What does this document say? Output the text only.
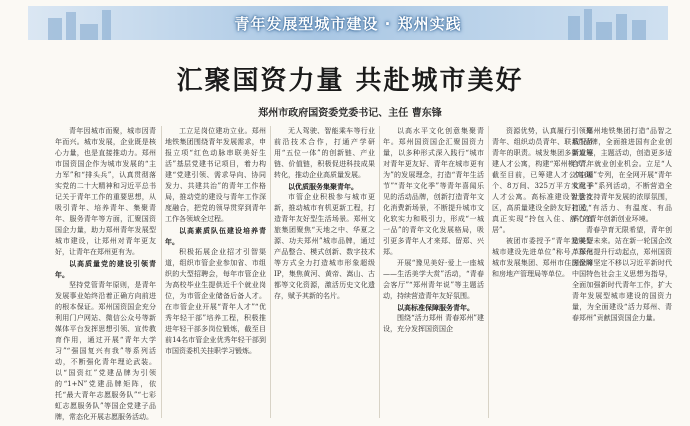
青年发展型城市建设 · 郑州实践
汇聚国资力量 共赴城市美好
郑州市政府国资委党委书记、主任 曹东锋

青年因城市而聚，城市因青年而兴。城市发展，企业既是核心力量，也是直接推动力。郑州市国资国企作为城市发展的“主力军”和“排头兵”，认真贯彻落实党的二十大精神和习近平总书记关于青年工作的重要思想，从吸引青年、培养青年、集聚青年、服务青年等方面，汇聚国资国企力量，助力郑州青年发展型城市建设，让郑州对青年更友好，让青年在郑州更有为。

以高质量党的建设引领青年。

坚持党管青年原则，是青年发展事业始终沿着正确方向前进的根本保证。郑州国资国企充分利用门户网站、微信公众号等新媒体平台发挥思想引领、宣传教育作用，通过开展“青年大学习”“强国复兴有我”等系列活动，不断强化青年理论武装。以“国资红”党建品牌为引领的“1+N”党建品牌矩阵，依托“最大青年志愿服务队”“七彩虹志愿服务队”等国企党建子品牌，常态化开展志愿服务活动。

工立足岗位建功立业。郑州地铁集团围绕青年发展需求，申报立项“红色动脉串联美好生活”基层党建书记项目，着力构建“党建引领、需求导向、协同发力、共建共治”的青年工作格局，推动党的建设与青年工作深度融合，把党的领导贯穿到青年工作各领域全过程。

以高素质队伍建设培养青年。

积极拓展企业招才引智渠道，组织市管企业参加省、市组织的大型招聘会，每年市管企业为高校毕业生提供近千个就业岗位，为市管企业储备后备人才。在市管企业开展“青年人才”“优秀年轻干部”培养工程，积极推进年轻干部多岗位锻炼，截至目前14名市管企业优秀年轻干部到市国资委机关挂职学习锻炼。

无人驾驶、智能乘车等行业前沿技术合作，打通产学研用“五位一体”的创新链、产业链、价值链，积极促进科技成果转化，推动企业高质量发展。

以优质服务集聚青年。

市管企业积极参与城市更新，推动城市有机更新工程，打造青年友好型生活场景。郑州文旅集团聚焦“天地之中、华夏之源、功夫郑州”城市品牌，通过产品整合、模式创新、数字技术等方式全力打造城市形象超级IP，集焦黄河、黄帝、嵩山、古都等文化资源，激活历史文化遗存，赋予其新的名片。

以高水平文化创意集聚青年。郑州国资国企汇聚国资力量，以多种形式深入践行“城市对青年更友好、青年在城市更有为”的发展理念，打造“青年生活节”“青年文化季”等青年喜闻乐见的活动品牌，创新打造青年文化消费新场景，不断提升城市文化软实力和吸引力，形成“一城一品”的青年文化发展格局，吸引更多青年人才来郑、留郑、兴郑。

开展“豫见美好·爱上一座城——生活美学大赏”活动，“青春会客厅”“郑州青年说”等主题活动，持续营造青年友好氛围。

以高标准保障服务青年。

围绕“活力郑州 青春郑州”建设，充分发挥国资国企

资源优势，认真履行引领聚青年、组织动员青年、联系服务青年的职责。城发集团多渠道筹建人才公寓，构建“郑州模式”。截至目前，已筹建人才公寓66个、8万间、325万平方米用于人才公寓。高标准建设智慧社区，高质量建设全龄友好社区，真正实现“拎包入住、舒心宜居”。

被团市委授予“青年发展型城市建设先进单位”称号，郑州城市发展集团、郑州市住房保障和房地产管理局等单位。

郑州地铁集团打造“品智之城”品牌，全面推进国有企业创新发展，主题活动，创造更多适合青年就业创业机会。立足“人才主题”专列，在全网开展“青年文化季”系列活动，不断营造全社会支持青年发展的浓厚氛围，打造“有活力、有温度、有品质”的青年创新创业环境。

青春孕育无限希望，青年创造美好未来。站在新一轮国企改革深化提升行动起点，郑州国资国企将坚定不移以习近平新时代中国特色社会主义思想为指导，全面加强新时代青年工作，扩大青年发展型城市建设的国资力量，为全面建设“活力郑州、青春郑州”贡献国资国企力量。
